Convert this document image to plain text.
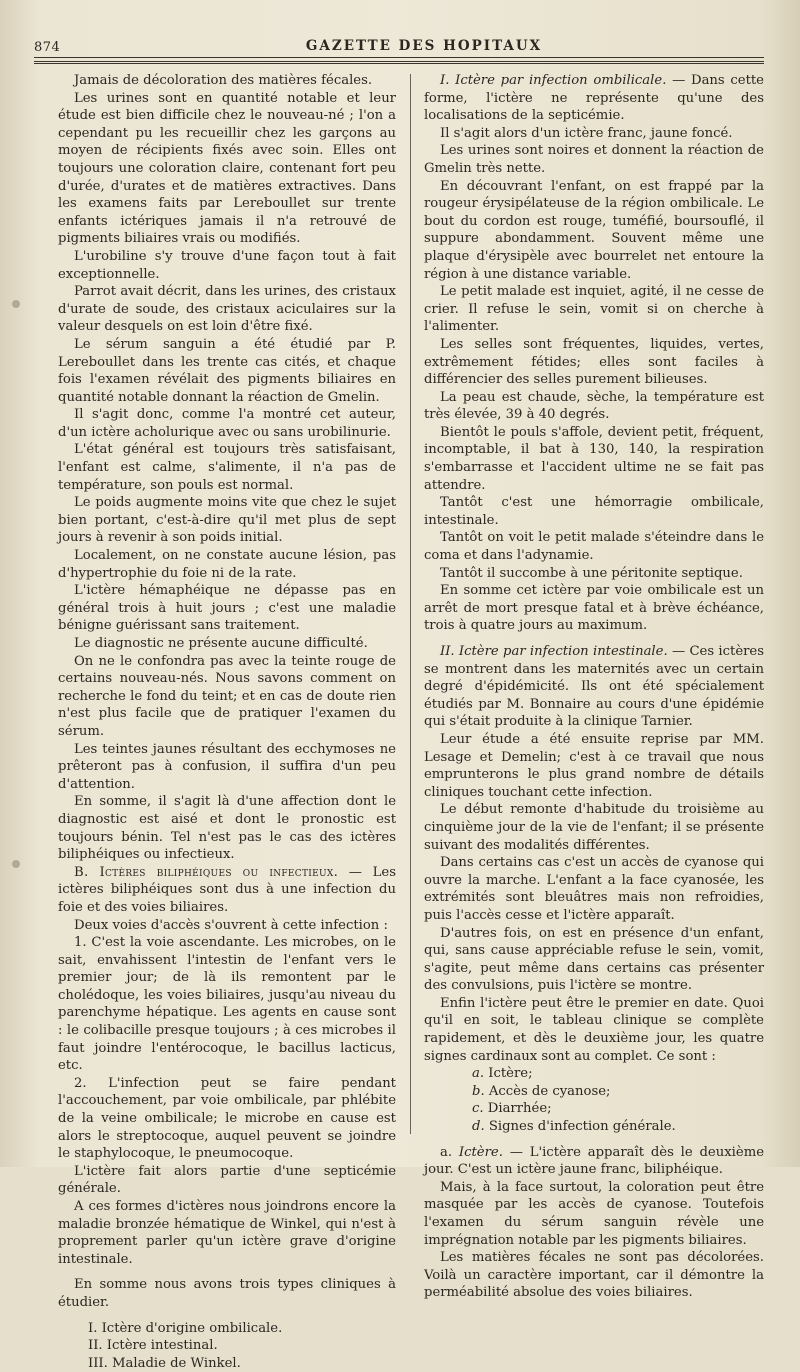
874	GAZETTE DES HOPITAUX

Jamais de décoloration des matières fécales.

Les urines sont en quantité notable et leur étude est bien difficile chez le nouveau-né ; l'on a cependant pu les recueillir chez les garçons au moyen de récipients fixés avec soin. Elles ont toujours une coloration claire, contenant fort peu d'urée, d'urates et de matières extractives. Dans les examens faits par Lereboullet sur trente enfants ictériques jamais il n'a retrouvé de pigments biliaires vrais ou modifiés.

L'urobiline s'y trouve d'une façon tout à fait exceptionnelle.

Parrot avait décrit, dans les urines, des cristaux d'urate de soude, des cristaux aciculaires sur la valeur desquels on est loin d'être fixé.

Le sérum sanguin a été étudié par P. Lereboullet dans les trente cas cités, et chaque fois l'examen révélait des pigments biliaires en quantité notable donnant la réaction de Gmelin.

Il s'agit donc, comme l'a montré cet auteur, d'un ictère acholurique avec ou sans urobilinurie.

L'état général est toujours très satisfaisant, l'enfant est calme, s'alimente, il n'a pas de température, son pouls est normal.

Le poids augmente moins vite que chez le sujet bien portant, c'est-à-dire qu'il met plus de sept jours à revenir à son poids initial.

Localement, on ne constate aucune lésion, pas d'hypertrophie du foie ni de la rate.

L'ictère hémaphéique ne dépasse pas en général trois à huit jours ; c'est une maladie bénigne guérissant sans traitement.

Le diagnostic ne présente aucune difficulté.

On ne le confondra pas avec la teinte rouge de certains nouveau-nés. Nous savons comment on recherche le fond du teint; et en cas de doute rien n'est plus facile que de pratiquer l'examen du sérum.

Les teintes jaunes résultant des ecchymoses ne prêteront pas à confusion, il suffira d'un peu d'attention.

En somme, il s'agit là d'une affection dont le diagnostic est aisé et dont le pronostic est toujours bénin. Tel n'est pas le cas des ictères biliphéiques ou infectieux.

B. Ictères biliphéiques ou infectieux. — Les ictères biliphéiques sont dus à une infection du foie et des voies biliaires.

Deux voies d'accès s'ouvrent à cette infection :

1. C'est la voie ascendante. Les microbes, on le sait, envahissent l'intestin de l'enfant vers le premier jour; de là ils remontent par le cholédoque, les voies biliaires, jusqu'au niveau du parenchyme hépatique. Les agents en cause sont : le colibacille presque toujours ; à ces microbes il faut joindre l'entérocoque, le bacillus lacticus, etc.

2. L'infection peut se faire pendant l'accouchement, par voie ombilicale, par phlébite de la veine ombilicale; le microbe en cause est alors le streptocoque, auquel peuvent se joindre le staphylocoque, le pneumocoque.

L'ictère fait alors partie d'une septicémie générale.

A ces formes d'ictères nous joindrons encore la maladie bronzée hématique de Winkel, qui n'est à proprement parler qu'un ictère grave d'origine intestinale.

En somme nous avons trois types cliniques à étudier.

I. Ictère d'origine ombilicale.

II. Ictère intestinal.

III. Maladie de Winkel.

I. Ictère par infection ombilicale. — Dans cette forme, l'ictère ne représente qu'une des localisations de la septicémie.

Il s'agit alors d'un ictère franc, jaune foncé.

Les urines sont noires et donnent la réaction de Gmelin très nette.

En découvrant l'enfant, on est frappé par la rougeur érysipélateuse de la région ombilicale. Le bout du cordon est rouge, tuméfié, boursouflé, il suppure abondamment. Souvent même une plaque d'érysipèle avec bourrelet net entoure la région à une distance variable.

Le petit malade est inquiet, agité, il ne cesse de crier. Il refuse le sein, vomit si on cherche à l'alimenter.

Les selles sont fréquentes, liquides, vertes, extrêmement fétides; elles sont faciles à différencier des selles purement bilieuses.

La peau est chaude, sèche, la température est très élevée, 39 à 40 degrés.

Bientôt le pouls s'affole, devient petit, fréquent, incomptable, il bat à 130, 140, la respiration s'embarrasse et l'accident ultime ne se fait pas attendre.

Tantôt c'est une hémorragie ombilicale, intestinale.

Tantôt on voit le petit malade s'éteindre dans le coma et dans l'adynamie.

Tantôt il succombe à une péritonite septique.

En somme cet ictère par voie ombilicale est un arrêt de mort presque fatal et à brève échéance, trois à quatre jours au maximum.

II. Ictère par infection intestinale. — Ces ictères se montrent dans les maternités avec un certain degré d'épidémicité. Ils ont été spécialement étudiés par M. Bonnaire au cours d'une épidémie qui s'était produite à la clinique Tarnier.

Leur étude a été ensuite reprise par MM. Lesage et Demelin; c'est à ce travail que nous emprunterons le plus grand nombre de détails cliniques touchant cette infection.

Le début remonte d'habitude du troisième au cinquième jour de la vie de l'enfant; il se présente suivant des modalités différentes.

Dans certains cas c'est un accès de cyanose qui ouvre la marche. L'enfant a la face cyanosée, les extrémités sont bleuâtres mais non refroidies, puis l'accès cesse et l'ictère apparaît.

D'autres fois, on est en présence d'un enfant, qui, sans cause appréciable refuse le sein, vomit, s'agite, peut même dans certains cas présenter des convulsions, puis l'ictère se montre.

Enfin l'ictère peut être le premier en date. Quoi qu'il en soit, le tableau clinique se complète rapidement, et dès le deuxième jour, les quatre signes cardinaux sont au complet. Ce sont :

a. Ictère;

b. Accès de cyanose;

c. Diarrhée;

d. Signes d'infection générale.

a. Ictère. — L'ictère apparaît dès le deuxième jour. C'est un ictère jaune franc, biliphéique.

Mais, à la face surtout, la coloration peut être masquée par les accès de cyanose. Toutefois l'examen du sérum sanguin révèle une imprégnation notable par les pigments biliaires.

Les matières fécales ne sont pas décolorées. Voilà un caractère important, car il démontre la perméabilité absolue des voies biliaires.
